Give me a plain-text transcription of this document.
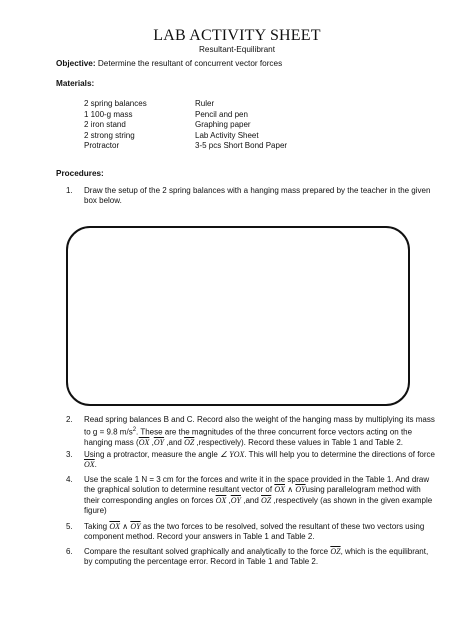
LAB ACTIVITY SHEET
Resultant-Equilibrant
Objective: Determine the resultant of concurrent vector forces
Materials:
2 spring balances	Ruler
1 100-g mass	Pencil and pen
2 iron stand	Graphing paper
2 strong string	Lab Activity Sheet
Protractor	3-5 pcs Short Bond Paper
Procedures:
1.	Draw the setup of the 2 spring balances with a hanging mass prepared by the teacher in the given box below.
2.	Read spring balances B and C. Record also the weight of the hanging mass by multiplying its mass to g = 9.8 $m/s^2$. These are the magnitudes of the three concurrent force vectors acting on the hanging mass ($\overline{OX}$ $,\overline{OY}$ ,and $\overline{OZ}$ ,respectively). Record these values in Table 1 and Table 2.
3.	Using a protractor, measure the angle ∠ YOX. This will help you to determine the directions of force $\overline{OX}$.
4.	Use the scale 1 N = 3 cm for the forces and write it in the space provided in the Table 1. And draw the graphical solution to determine resultant vector of $\overline{OX}$ ∧ $\overline{OY}using$ parallelogram method with their corresponding angles on forces $\overline{OX}$ $,\overline{OY}$ ,and $\overline{OZ}$ ,respectively (as shown in the given example figure)
5.	Taking $\overline{OX}$ ∧ $\overline{OY}$ as the two forces to be resolved, solved the resultant of these two vectors using component method. Record your answers in Table 1 and Table 2.
6.	Compare the resultant solved graphically and analytically to the force $\overline{OZ}$, which is the equilibrant, by computing the percentage error. Record in Table 1 and Table 2.
